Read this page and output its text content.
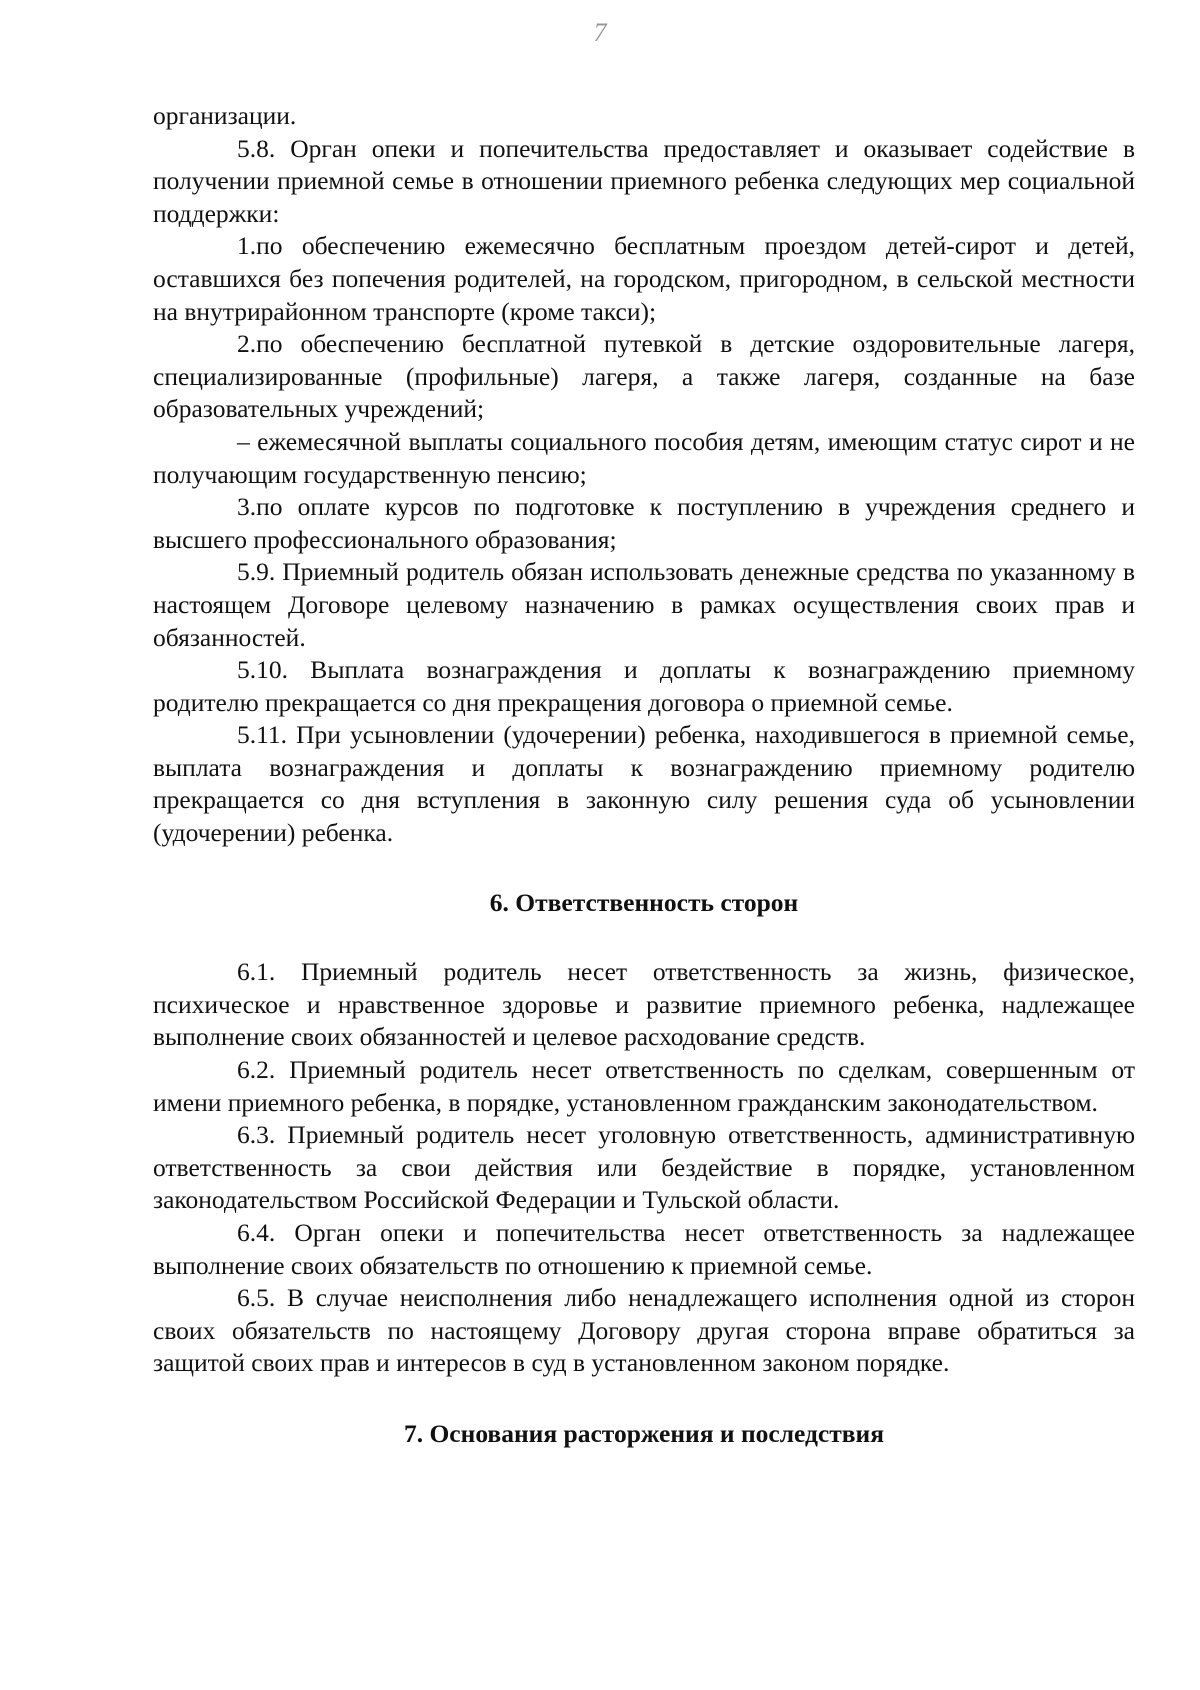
7

организации.

5.8. Орган опеки и попечительства предоставляет и оказывает содействие в получении приемной семье в отношении приемного ребенка следующих мер социальной поддержки:

1.по обеспечению ежемесячно бесплатным проездом детей-сирот и детей, оставшихся без попечения родителей, на городском, пригородном, в сельской местности на внутрирайонном транспорте (кроме такси);

2.по обеспечению бесплатной путевкой в детские оздоровительные лагеря, специализированные (профильные) лагеря, а также лагеря, созданные на базе образовательных учреждений;

– ежемесячной выплаты социального пособия детям, имеющим статус сирот и не получающим государственную пенсию;

3.по оплате курсов по подготовке к поступлению в учреждения среднего и высшего профессионального образования;

5.9. Приемный родитель обязан использовать денежные средства по указанному в настоящем Договоре целевому назначению в рамках осуществления своих прав и обязанностей.

5.10. Выплата вознаграждения и доплаты к вознаграждению приемному родителю прекращается со дня прекращения договора о приемной семье.

5.11. При усыновлении (удочерении) ребенка, находившегося в приемной семье, выплата вознаграждения и доплаты к вознаграждению приемному родителю прекращается со дня вступления в законную силу решения суда об усыновлении (удочерении) ребенка.

6. Ответственность сторон

6.1. Приемный родитель несет ответственность за жизнь, физическое, психическое и нравственное здоровье и развитие приемного ребенка, надлежащее выполнение своих обязанностей и целевое расходование средств.

6.2. Приемный родитель несет ответственность по сделкам, совершенным от имени приемного ребенка, в порядке, установленном гражданским законодательством.

6.3. Приемный родитель несет уголовную ответственность, административную ответственность за свои действия или бездействие в порядке, установленном законодательством Российской Федерации и Тульской области.

6.4. Орган опеки и попечительства несет ответственность за надлежащее выполнение своих обязательств по отношению к приемной семье.

6.5. В случае неисполнения либо ненадлежащего исполнения одной из сторон своих обязательств по настоящему Договору другая сторона вправе обратиться за защитой своих прав и интересов в суд в установленном законом порядке.

7. Основания расторжения и последствия
